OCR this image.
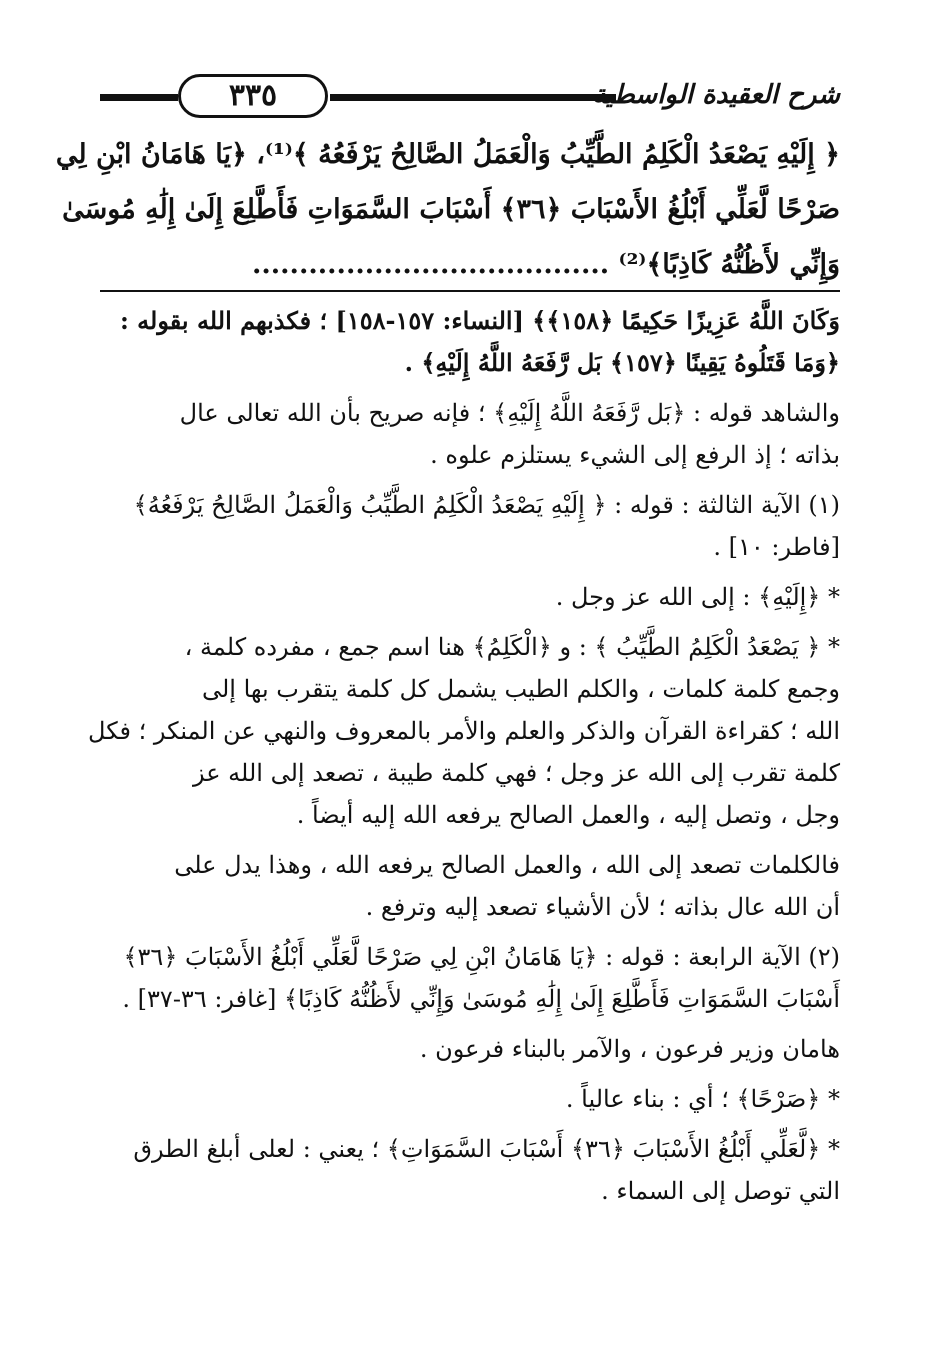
٣٣٥	شرح العقيدة الواسطية
﴿ إِلَيْهِ يَصْعَدُ الْكَلِمُ الطَّيِّبُ وَالْعَمَلُ الصَّالِحُ يَرْفَعُهُ ﴾⁽¹⁾، ﴿يَا هَامَانُ ابْنِ لِي
صَرْحًا لَّعَلِّي أَبْلُغُ الأَسْبَابَ ﴿٣٦﴾ أَسْبَابَ السَّمَوَاتِ فَأَطَّلِعَ إِلَىٰ إِلَٰهِ مُوسَىٰ
وَإِنِّي لأَظُنُّهُ كَاذِبًا﴾⁽²⁾ ......................................
وَكَانَ اللَّهُ عَزِيزًا حَكِيمًا ﴿١٥٨﴾﴾ [النساء: ١٥٧-١٥٨] ؛ فكذبهم الله بقوله :
﴿وَمَا قَتَلُوهُ يَقِينًا ﴿١٥٧﴾ بَل رَّفَعَهُ اللَّهُ إِلَيْهِ﴾ .
والشاهد قوله : ﴿بَل رَّفَعَهُ اللَّهُ إِلَيْهِ﴾ ؛ فإنه صريح بأن الله تعالى عال
بذاته ؛ إذ الرفع إلى الشيء يستلزم علوه .
(١) الآية الثالثة : قوله : ﴿ إِلَيْهِ يَصْعَدُ الْكَلِمُ الطَّيِّبُ وَالْعَمَلُ الصَّالِحُ يَرْفَعُهُ﴾
[فاطر: ١٠] .
* ﴿إِلَيْهِ﴾ : إلى الله عز وجل .
* ﴿ يَصْعَدُ الْكَلِمُ الطَّيِّبُ ﴾ : و ﴿الْكَلِمُ﴾ هنا اسم جمع ، مفرده كلمة ،
وجمع كلمة كلمات ، والكلم الطيب يشمل كل كلمة يتقرب بها إلى
الله ؛ كقراءة القرآن والذكر والعلم والأمر بالمعروف والنهي عن المنكر ؛ فكل
كلمة تقرب إلى الله عز وجل ؛ فهي كلمة طيبة ، تصعد إلى الله عز
وجل ، وتصل إليه ، والعمل الصالح يرفعه الله إليه أيضاً .
فالكلمات تصعد إلى الله ، والعمل الصالح يرفعه الله ، وهذا يدل على
أن الله عال بذاته ؛ لأن الأشياء تصعد إليه وترفع .
(٢) الآية الرابعة : قوله : ﴿يَا هَامَانُ ابْنِ لِي صَرْحًا لَّعَلِّي أَبْلُغُ الأَسْبَابَ ﴿٣٦﴾
أَسْبَابَ السَّمَوَاتِ فَأَطَّلِعَ إِلَىٰ إِلَٰهِ مُوسَىٰ وَإِنِّي لأَظُنُّهُ كَاذِبًا﴾ [غافر: ٣٦-٣٧] .
هامان وزير فرعون ، والآمر بالبناء فرعون .
* ﴿صَرْحًا﴾ ؛ أي : بناء عالياً .
* ﴿لَّعَلِّي أَبْلُغُ الأَسْبَابَ ﴿٣٦﴾ أَسْبَابَ السَّمَوَاتِ﴾ ؛ يعني : لعلى أبلغ الطرق
التي توصل إلى السماء .
